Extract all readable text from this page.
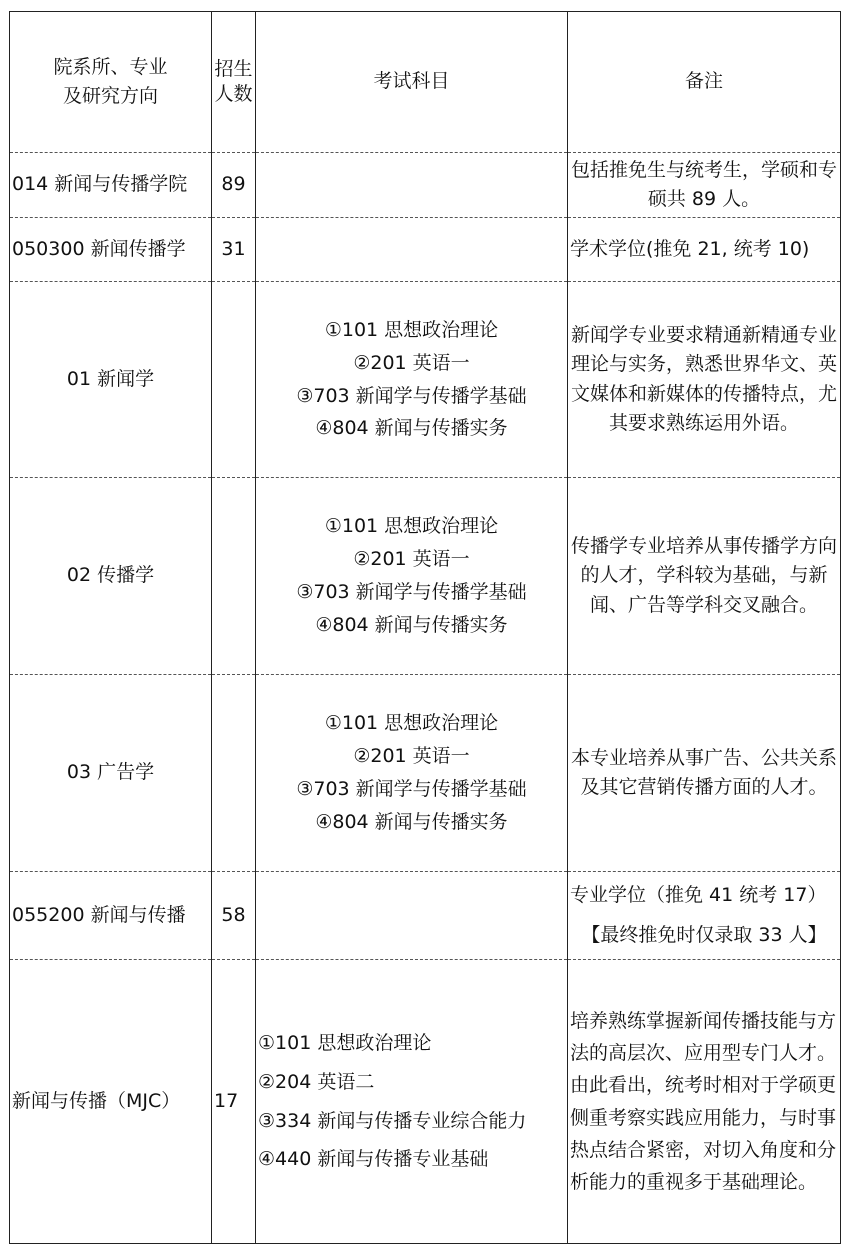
院系所、专业
及研究方向	招生人数	考试科目	备注
014 新闻与传播学院	89		包括推免生与统考生，学硕和专硕共 89 人。
050300 新闻传播学	31		学术学位(推免 21, 统考 10)
01 新闻学		①101 思想政治理论
②201 英语一
③703 新闻学与传播学基础
④804 新闻与传播实务	新闻学专业要求精通新精通专业理论与实务，熟悉世界华文、英文媒体和新媒体的传播特点，尤其要求熟练运用外语。
02 传播学		①101 思想政治理论
②201 英语一
③703 新闻学与传播学基础
④804 新闻与传播实务	传播学专业培养从事传播学方向的人才，学科较为基础，与新闻、广告等学科交叉融合。
03 广告学		①101 思想政治理论
②201 英语一
③703 新闻学与传播学基础
④804 新闻与传播实务	本专业培养从事广告、公共关系及其它营销传播方面的人才。
055200 新闻与传播	58		专业学位（推免 41 统考 17）
【最终推免时仅录取 33 人】

新闻与传播（MJC）	17	①101 思想政治理论
②204 英语二
③334 新闻与传播专业综合能力
④440 新闻与传播专业基础	培养熟练掌握新闻传播技能与方法的高层次、应用型专门人才。由此看出，统考时相对于学硕更侧重考察实践应用能力，与时事热点结合紧密，对切入角度和分析能力的重视多于基础理论。
